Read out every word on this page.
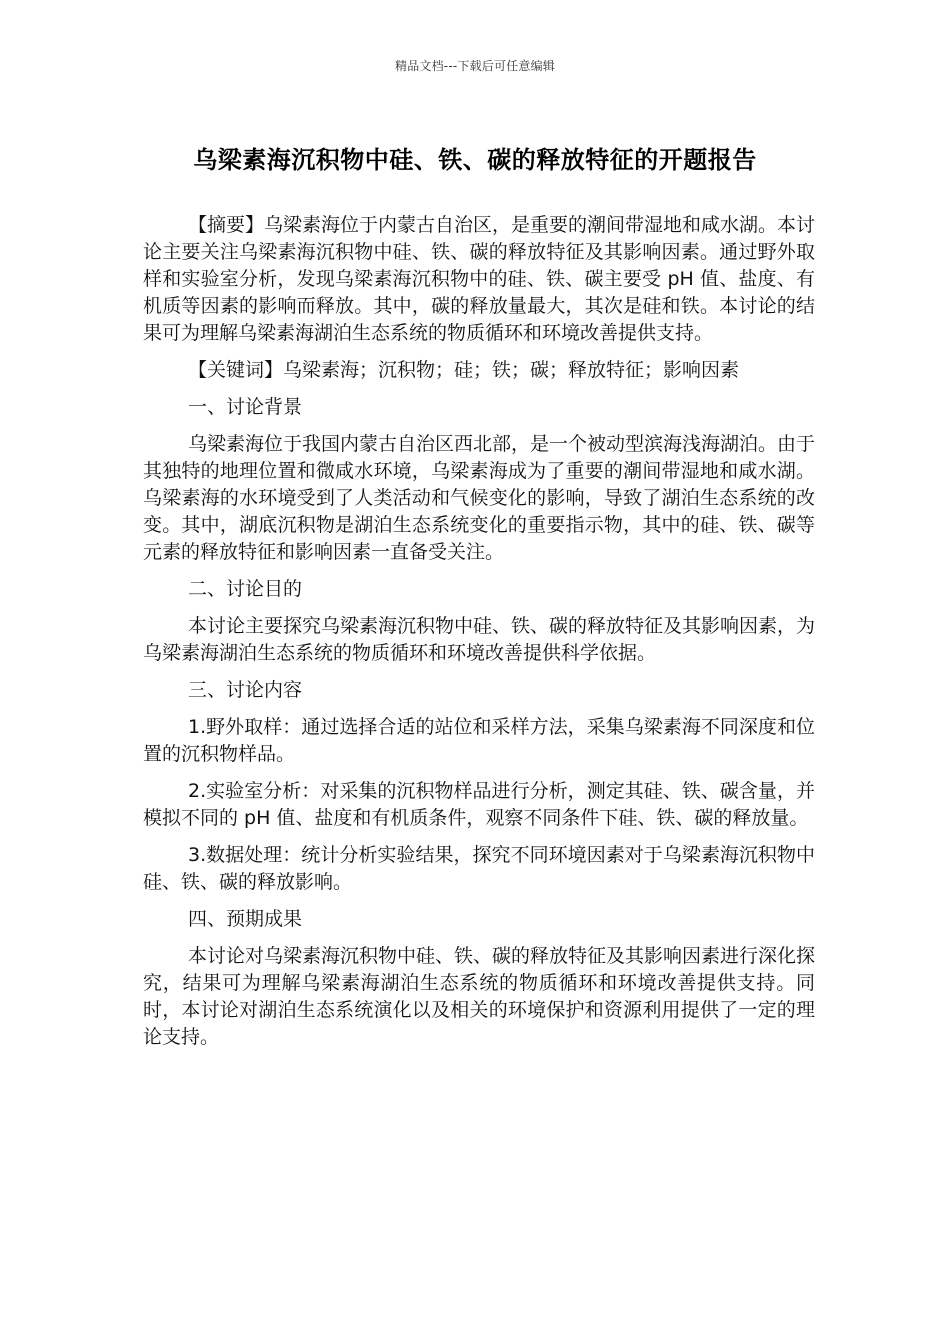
精品文档---下载后可任意编辑
乌梁素海沉积物中硅、铁、碳的释放特征的开题报告

【摘要】乌梁素海位于内蒙古自治区，是重要的潮间带湿地和咸水湖。本讨论主要关注乌梁素海沉积物中硅、铁、碳的释放特征及其影响因素。通过野外取样和实验室分析，发现乌梁素海沉积物中的硅、铁、碳主要受 pH 值、盐度、有机质等因素的影响而释放。其中，碳的释放量最大，其次是硅和铁。本讨论的结果可为理解乌梁素海湖泊生态系统的物质循环和环境改善提供支持。

【关键词】乌梁素海；沉积物；硅；铁；碳；释放特征；影响因素

一、讨论背景

乌梁素海位于我国内蒙古自治区西北部，是一个被动型滨海浅海湖泊。由于其独特的地理位置和微咸水环境，乌梁素海成为了重要的潮间带湿地和咸水湖。乌梁素海的水环境受到了人类活动和气候变化的影响，导致了湖泊生态系统的改变。其中，湖底沉积物是湖泊生态系统变化的重要指示物，其中的硅、铁、碳等元素的释放特征和影响因素一直备受关注。

二、讨论目的

本讨论主要探究乌梁素海沉积物中硅、铁、碳的释放特征及其影响因素，为乌梁素海湖泊生态系统的物质循环和环境改善提供科学依据。

三、讨论内容

1.野外取样：通过选择合适的站位和采样方法，采集乌梁素海不同深度和位置的沉积物样品。

2.实验室分析：对采集的沉积物样品进行分析，测定其硅、铁、碳含量，并模拟不同的 pH 值、盐度和有机质条件，观察不同条件下硅、铁、碳的释放量。

3.数据处理：统计分析实验结果，探究不同环境因素对于乌梁素海沉积物中硅、铁、碳的释放影响。

四、预期成果

本讨论对乌梁素海沉积物中硅、铁、碳的释放特征及其影响因素进行深化探究，结果可为理解乌梁素海湖泊生态系统的物质循环和环境改善提供支持。同时，本讨论对湖泊生态系统演化以及相关的环境保护和资源利用提供了一定的理论支持。
